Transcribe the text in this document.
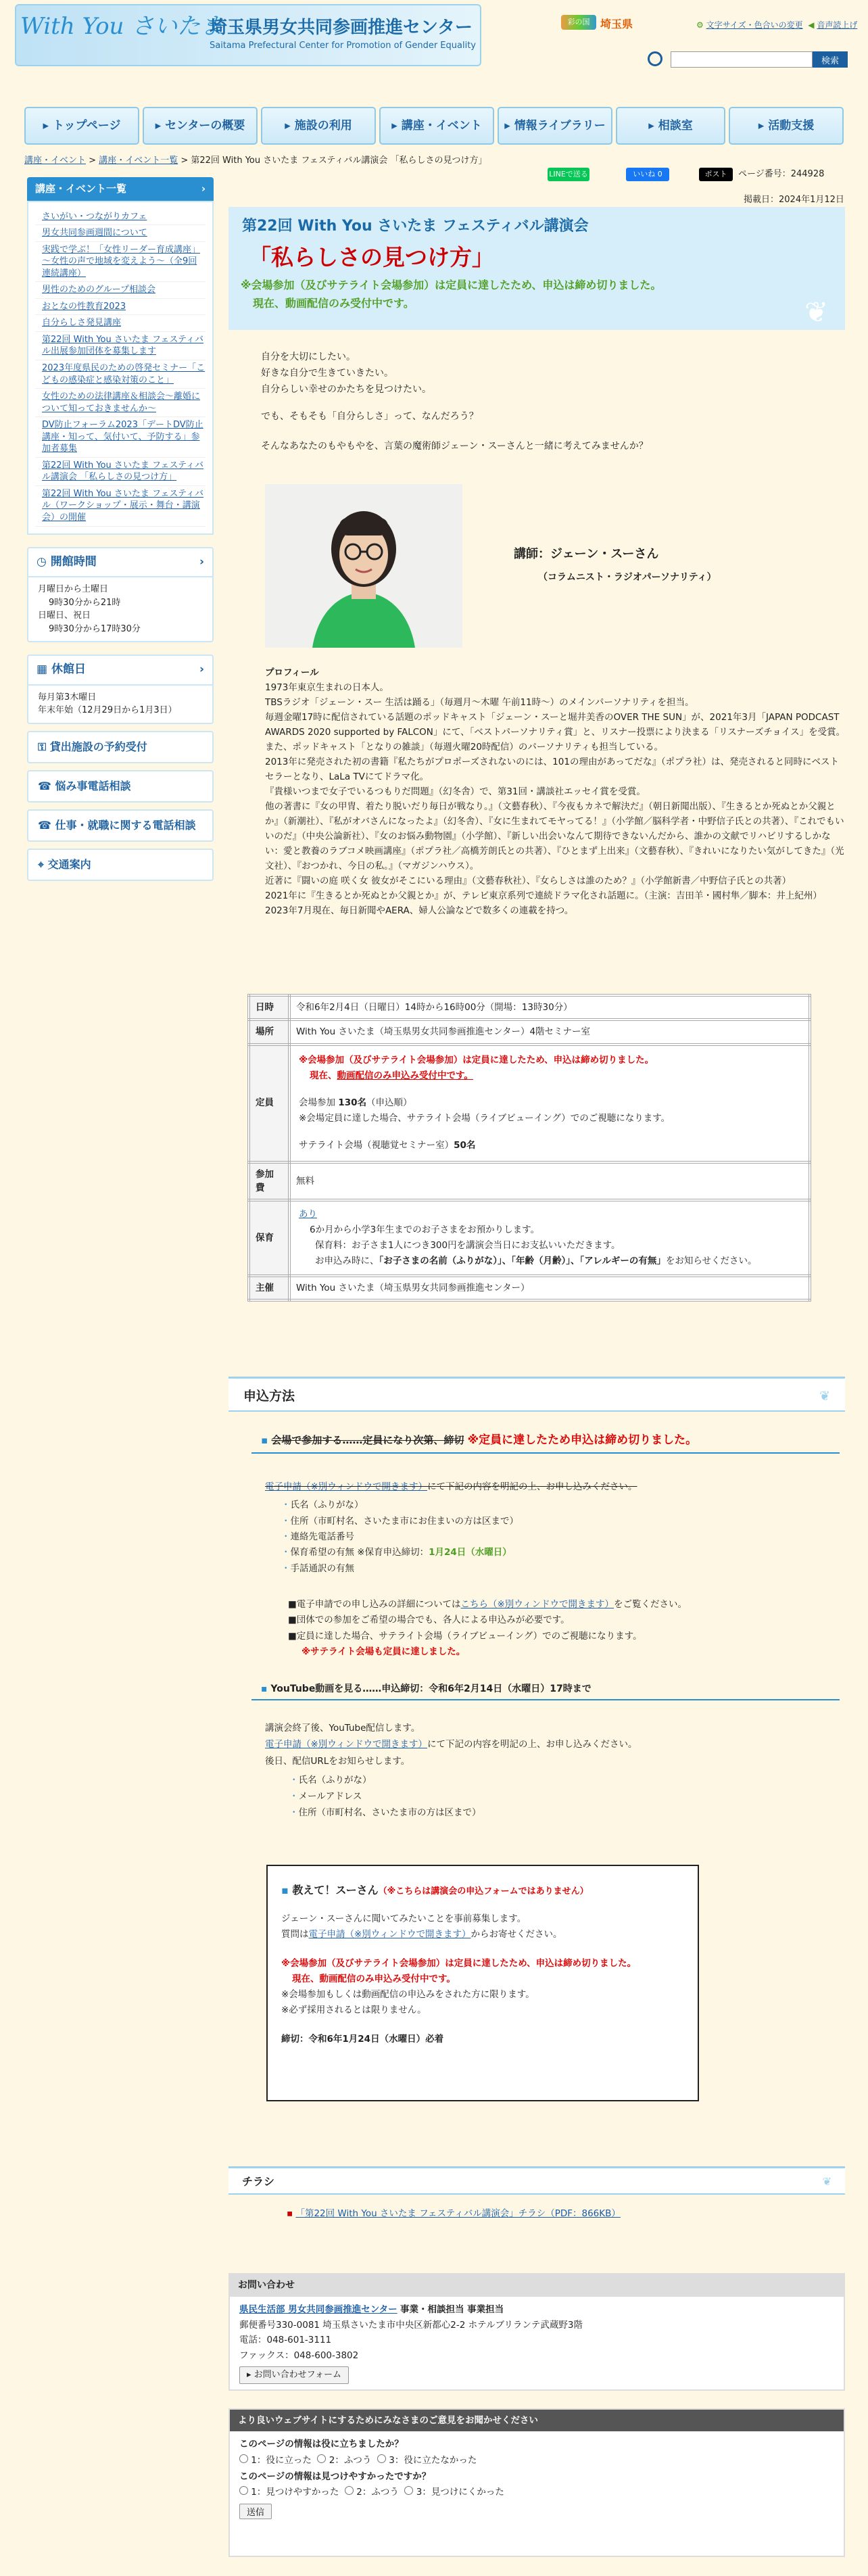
With You さいたま
埼玉県男女共同参画推進センター
Saitama Prefectural Center for Promotion of Gender Equality
彩の国 埼玉県	⚙ 文字サイズ・色合いの変更 ◀ 音声読上げ
検索
▸ トップページ	▸ センターの概要	▸ 施設の利用	▸ 講座・イベント	▸ 情報ライブラリー	▸ 相談室	▸ 活動支援
講座・イベント > 講座・イベント一覧 > 第22回 With You さいたま フェスティバル講演会 「私らしさの見つけ方」
講座・イベント一覧	›
さいがい・つながりカフェ
男女共同参画週間について
実践で学ぶ！「女性リーダー育成講座」～女性の声で地域を変えよう～（全9回連続講座）
男性のためのグループ相談会
おとなの性教育2023
自分らしさ発見講座
第22回 With You さいたま フェスティバル出展参加団体を募集します
2023年度県民のための啓発セミナー「こどもの感染症と感染対策のこと」
女性のための法律講座＆相談会～離婚について知っておきませんか～
DV防止フォーラム2023「デートDV防止講座・知って、気付いて、予防する」参加者募集
第22回 With You さいたま フェスティバル講演会 「私らしさの見つけ方」
第22回 With You さいたま フェスティバル（ワークショップ・展示・舞台・講演会）の開催
◷ 開館時間	›
月曜日から土曜日
9時30分から21時
日曜日、祝日
9時30分から17時30分
▦ 休館日	›
毎月第3木曜日
年末年始（12月29日から1月3日）
⚿ 貸出施設の予約受付
☎ 悩み事電話相談
☎ 仕事・就職に関する電話相談
⌖ 交通案内
LINEで送る	いいね 0	ポスト	ページ番号：244928
掲載日：2024年1月12日
第22回 With You さいたま フェスティバル講演会
「私らしさの見つけ方」
※会場参加（及びサテライト会場参加）は定員に達したため、申込は締め切りました。
現在、動画配信のみ受付中です。	❦
自分を大切にしたい。
好きな自分で生きていきたい。
自分らしい幸せのかたちを見つけたい。
でも、そもそも「自分らしさ」って、なんだろう？
そんなあなたのもやもやを、言葉の魔術師ジェーン・スーさんと一緒に考えてみませんか？
講師：ジェーン・スーさん
（コラムニスト・ラジオパーソナリティ）
プロフィール
1973年東京生まれの日本人。
TBSラジオ「ジェーン・スー 生活は踊る」（毎週月～木曜 午前11時～）のメインパーソナリティを担当。
毎週金曜17時に配信されている話題のポッドキャスト「ジェーン・スーと堀井美香のOVER THE SUN」が、2021年3月「JAPAN PODCAST AWARDS 2020 supported by FALCON」にて、「ベストパーソナリティ賞」と、リスナー投票により決まる「リスナーズチョイス」を受賞。
また、ポッドキャスト「となりの雑談」（毎週火曜20時配信）のパーソナリティも担当している。
2013年に発売された初の書籍『私たちがプロポーズされないのには、101の理由があってだな』（ポプラ社）は、発売されると同時にベストセラーとなり、LaLa TVにてドラマ化。
『貴様いつまで女子でいるつもりだ問題』（幻冬舎）で、第31回・講談社エッセイ賞を受賞。
他の著書に『女の甲冑、着たり脱いだり毎日が戦なり。』（文藝春秋）、『今夜もカネで解決だ』（朝日新聞出版）、『生きるとか死ぬとか父親とか』（新潮社）、『私がオバさんになったよ』（幻冬舎）、『女に生まれてモヤってる！』（小学館／脳科学者・中野信子氏との共著）、『これでもいいのだ』（中央公論新社）、『女のお悩み動物園』（小学館）、『新しい出会いなんて期待できないんだから、誰かの文献でリハビリするしかない：愛と教養のラブコメ映画講座』（ポプラ社／高橋芳朗氏との共著）、『ひとまず上出来』（文藝春秋）、『きれいになりたい気がしてきた』（光文社）、『おつかれ、今日の私。』（マガジンハウス）。
近著に『闘いの庭 咲く女 彼女がそこにいる理由』（文藝春秋社）、『女らしさは誰のため？』（小学館新書／中野信子氏との共著）
2021年に『生きるとか死ぬとか父親とか』が、テレビ東京系列で連続ドラマ化され話題に。（主演：吉田羊・國村隼／脚本：井上紀州）
2023年7月現在、毎日新聞やAERA、婦人公論などで数多くの連載を持つ。
日時	令和6年2月4日（日曜日）14時から16時00分（開場：13時30分）
場所	With You さいたま（埼玉県男女共同参画推進センター）4階セミナー室
定員	※会場参加（及びサテライト会場参加）は定員に達したため、申込は締め切りました。
現在、動画配信のみ申込み受付中です。
会場参加 130名（申込順）
※会場定員に達した場合、サテライト会場（ライブビューイング）でのご視聴になります。
サテライト会場（視聴覚セミナー室）50名

参加費	無料
保育	あり
6か月から小学3年生までのお子さまをお預かりします。
保育料：お子さま1人につき300円を講演会当日にお支払いいただきます。
お申込み時に、「お子さまの名前（ふりがな）」、「年齢（月齢）」、「アレルギーの有無」をお知らせください。

主催	With You さいたま（埼玉県男女共同参画推進センター）
申込方法	❦
▪ 会場で参加する……定員になり次第、締切 ※定員に達したため申込は締め切りました。
電子申請（※別ウィンドウで開きます）にて下記の内容を明記の上、お申し込みください。
・ 氏名（ふりがな）
・ 住所（市町村名、さいたま市にお住まいの方は区まで）
・ 連絡先電話番号
・ 保育希望の有無 ※保育申込締切：1月24日（水曜日）
・ 手話通訳の有無
■電子申請での申し込みの詳細についてはこちら（※別ウィンドウで開きます）をご覧ください。
■団体での参加をご希望の場合でも、各人による申込みが必要です。
■定員に達した場合、サテライト会場（ライブビューイング）でのご視聴になります。
※サテライト会場も定員に達しました。
▪ YouTube動画を見る……申込締切：令和6年2月14日（水曜日）17時まで
講演会終了後、YouTube配信します。
電子申請（※別ウィンドウで開きます）にて下記の内容を明記の上、お申し込みください。
後日、配信URLをお知らせします。
・ 氏名（ふりがな）
・ メールアドレス
・ 住所（市町村名、さいたま市の方は区まで）
▪ 教えて！スーさん（※こちらは講演会の申込フォームではありません）
ジェーン・スーさんに聞いてみたいことを事前募集します。
質問は電子申請（※別ウィンドウで開きます）からお寄せください。
※会場参加（及びサテライト会場参加）は定員に達したため、申込は締め切りました。
現在、動画配信のみ申込み受付中です。
※会場参加もしくは動画配信の申込みをされた方に限ります。
※必ず採用されるとは限りません。
締切：令和6年1月24日（水曜日）必着
チラシ	❦
▪ 「第22回 With You さいたま フェスティバル講演会」チラシ（PDF：866KB）
お問い合わせ
県民生活部 男女共同参画推進センター 事業・相談担当 事業担当
郵便番号330-0081 埼玉県さいたま市中央区新都心2-2 ホテルブリランテ武蔵野3階
電話：048-601-3111
ファックス：048-600-3802
▸ お問い合わせフォーム
より良いウェブサイトにするためにみなさまのご意見をお聞かせください
このページの情報は役に立ちましたか？
1：役に立った 2：ふつう 3：役に立たなかった
このページの情報は見つけやすかったですか？
1：見つけやすかった 2：ふつう 3：見つけにくかった
送信
